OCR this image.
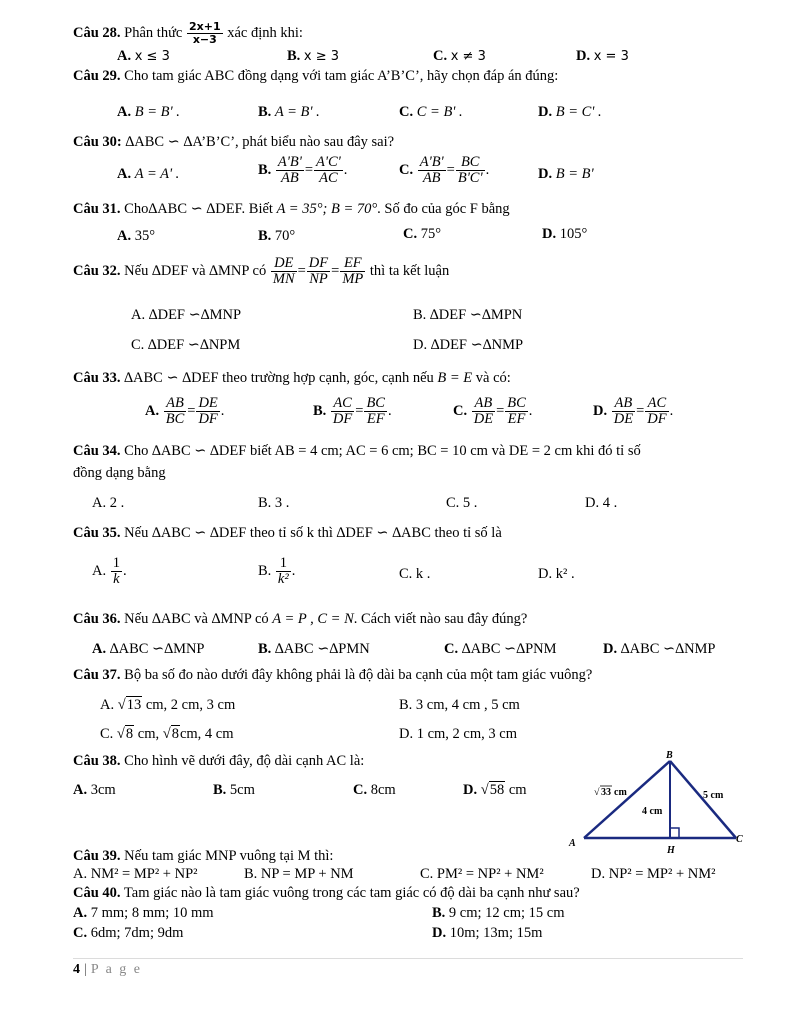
Câu 28. Phân thức $\frac{2x+1}{x-3}$ xác định khi:
A. x ≤ 3	B. x ≥ 3	C. x ≠ 3	D. x = 3
Câu 29. Cho tam giác ABC đồng dạng với tam giác A’B’C’, hãy chọn đáp án đúng:
A. B = B' .	B. A = B' .	C. C = B' .	D. B = C' .
Câu 30: ∆ABC ∽ ∆A’B’C’, phát biểu nào sau đây sai?
A. A = A' .	B. $\frac{A'B'}{AB} = \frac{A'C'}{AC}$ .	C. $\frac{A'B'}{AB} = \frac{BC}{B'C'}$ .	D. B = B'
Câu 31. Cho∆ABC ∽ ∆DEF. Biết A = 35°; B = 70°. Số đo của góc F bằng
A. 35°	B. 70°	C. 75°	D. 105°
Câu 32. Nếu ∆DEF và ∆MNP có $\frac{DE}{MN} = \frac{DF}{NP} = \frac{EF}{MP}$ thì ta kết luận
A. ∆DEF ∽∆MNP	B. ∆DEF ∽∆MPN
C. ∆DEF ∽∆NPM	D. ∆DEF ∽∆NMP
Câu 33. ∆ABC ∽ ∆DEF theo trường hợp cạnh, góc, cạnh nếu B = E và có:
A. $\frac{AB}{BC} = \frac{DE}{DF}$ .	B. $\frac{AC}{DF} = \frac{BC}{EF}$ .	C. $\frac{AB}{DE} = \frac{BC}{EF}$ .	D. $\frac{AB}{DE} = \frac{AC}{DF}$ .
Câu 34. Cho ∆ABC ∽ ∆DEF biết AB = 4 cm; AC = 6 cm; BC = 10 cm và DE = 2 cm khi đó tỉ số
đồng dạng bằng
A. 2 .	B. 3 .	C. 5 .	D. 4 .
Câu 35. Nếu ∆ABC ∽ ∆DEF theo tỉ số k thì ∆DEF ∽ ∆ABC theo tỉ số là
A. $\frac{1}{k}$ .	B. $\frac{1}{\text{k²}}$ .	C. k .	D. k² .
Câu 36. Nếu ∆ABC và ∆MNP có A = P , C = N. Cách viết nào sau đây đúng?
A. ∆ABC ∽∆MNP	B. ∆ABC ∽∆PMN	C. ∆ABC ∽∆PNM	D. ∆ABC ∽∆NMP
Câu 37. Bộ ba số đo nào dưới đây không phải là độ dài ba cạnh của một tam giác vuông?
A. √13 cm, 2 cm, 3 cm	B. 3 cm, 4 cm , 5 cm
C. √8 cm, √8cm, 4 cm	D. 1 cm, 2 cm, 3 cm
Câu 38. Cho hình vẽ dưới đây, độ dài cạnh AC là:
A. 3cm	B. 5cm	C. 8cm	D. √58 cm
B
A	C
H
√ 33 cm	5 cm
4 cm
Câu 39. Nếu tam giác MNP vuông tại M thì:
A. NM² = MP² + NP²	B. NP = MP + NM	C. PM² = NP² + NM²	D. NP² = MP² + NM²
Câu 40. Tam giác nào là tam giác vuông trong các tam giác có độ dài ba cạnh như sau?
A. 7 mm; 8 mm; 10 mm	B. 9 cm; 12 cm; 15 cm
C. 6dm; 7dm; 9dm	D. 10m; 13m; 15m
4 | P a g e
